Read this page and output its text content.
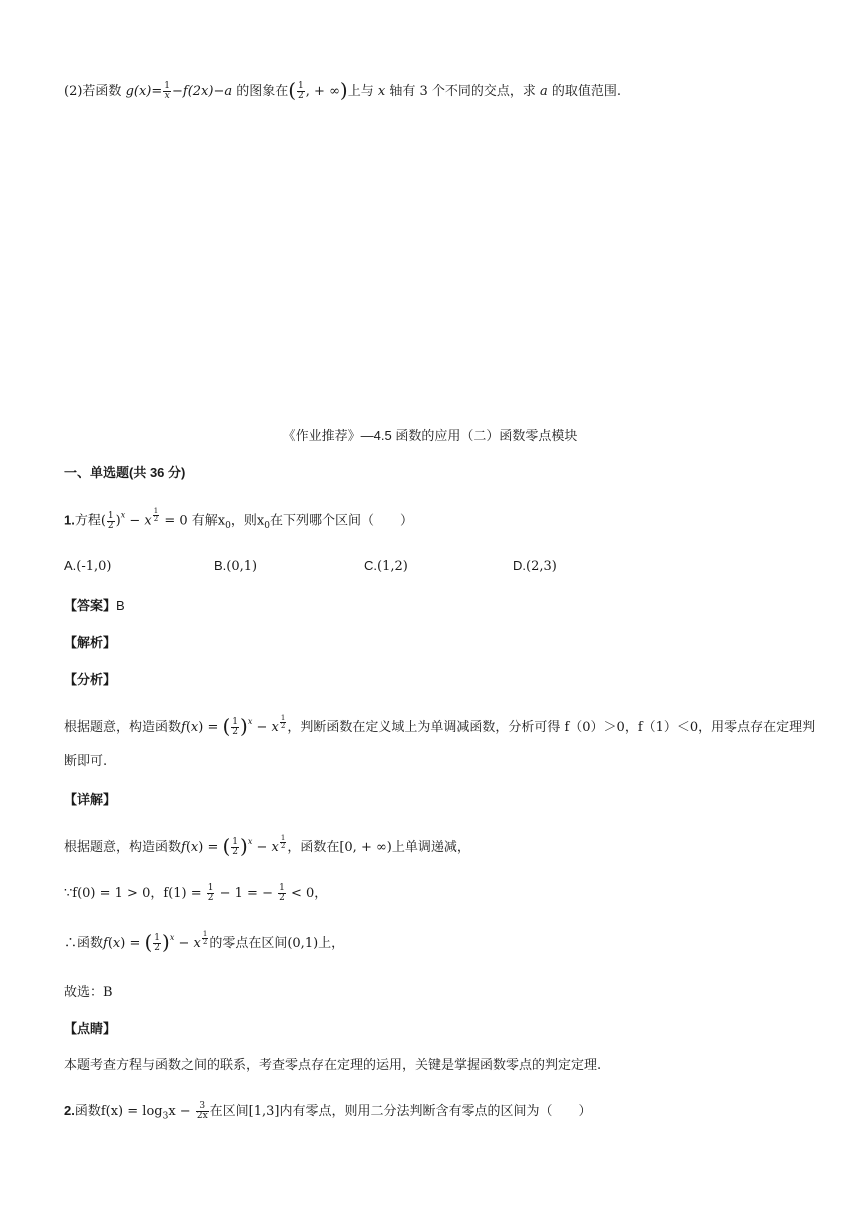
(2)若函数 $g(x)= \frac{1}{x} -f(2x)-a$ 的图象在( $\frac{1}{2}$ , + ∞)上与 x 轴有 3 个不同的交点，求 a 的取值范围.
《作业推荐》—4.5 函数的应用（二）函数零点模块
一、单选题(共 36 分)
1.方程( $\frac{1}{2} )^x - x$ $^{\frac{1}{2}}$ = 0 有解$x_0$，则$x_0$在下列哪个区间（　　）
A.(-1,0)	B.(0,1)	C.(1,2)	D.(2,3)
【答案】B
【解析】
【分析】
根据题意，构造函数f(x) = ( $\frac{1}{2} )^x - x$ $^{\frac{1}{2}}$ ，判断函数在定义域上为单调减函数，分析可得 f（0）＞0，f（1）＜0，用零点存在定理判
断即可.
【详解】
根据题意，构造函数f(x) = ( $\frac{1}{2} )^x - x$ $^{\frac{1}{2}}$ ，函数在[0, + ∞)上单调递减，
∵f(0) = 1 > 0，$f(1) = \frac{1}{2} - 1$ = − $\frac{1}{2} < 0$，
∴函数f(x) = ( $\frac{1}{2} )^x - x$ $^{\frac{1}{2}}$ 的零点在区间(0,1)上，
故选：B
【点睛】
本题考查方程与函数之间的联系，考查零点存在定理的运用，关键是掌握函数零点的判定定理.
2.函数$f(x) = \log_3x - \frac{3}{2x}$ 在区间[1,3]内有零点，则用二分法判断含有零点的区间为（　　）
